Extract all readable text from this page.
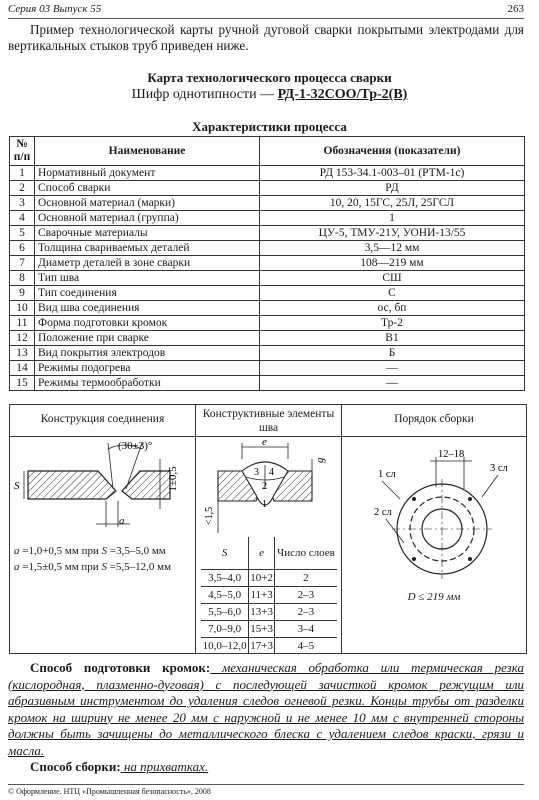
Серия 03 Выпуск 55	263
Пример технологической карты ручной дуговой сварки покрытыми электродами для вертикальных стыков труб приведен ниже.
Карта технологического процесса сварки
Шифр однотипности — РД-1-32СОО/Тр-2(В)
Характеристики процесса
№ п/п	Наименование	Обозначения (показатели)
1	Нормативный документ	РД 153-34.1-003–01 (РТМ-1с)
2	Способ сварки	РД
3	Основной материал (марки)	10, 20, 15ГС, 25Л, 25ГСЛ
4	Основной материал (группа)	1
5	Сварочные материалы	ЦУ-5, ТМУ-21У, УОНИ-13/55
6	Толщина свариваемых деталей	3,5—12 мм
7	Диаметр деталей в зоне сварки	108—219 мм
8	Тип шва	СШ
9	Тип соединения	С
10	Вид шва соединения	ос, бп
11	Форма подготовки кромок	Тр-2
12	Положение при сварке	В1
13	Вид покрытия электродов	Б
14	Режимы подогрева	—
15	Режимы термообработки	—
Конструкция соединения
(30±3)°
S
a
1±0,5
a =1,0+0,5 мм при S =3,5–5,0 мм
a =1,5±0,5 мм при S =5,5–12,0 мм
Конструктивные элементы шва
e
3 4
2
1
g
<1,5
S	e	Число слоев
3,5–4,0	10+2	2
4,5–5,0	11+3	2–3
5,5–6,0	13+3	2–3
7,0–9,0	15+3	3–4
10,0–12,0	17+3	4–5
Порядок сборки
12–18
1 сл
2 сл
3 сл
D ≤ 219 мм

Способ подготовки кромок: механическая обработка или термическая резка (кислородная, плазменно-дуговая) с последующей зачисткой кромок режущим или абразивным инструментом до удаления следов огневой резки. Концы трубы от разделки кромок на ширину не менее 20 мм с наружной и не менее 10 мм с внутренней стороны должны быть зачищены до металлического блеска с удалением следов краски, грязи и масла.

Способ сборки: на прихватках.

© Оформление. НТЦ «Промышленная безопасность», 2008
